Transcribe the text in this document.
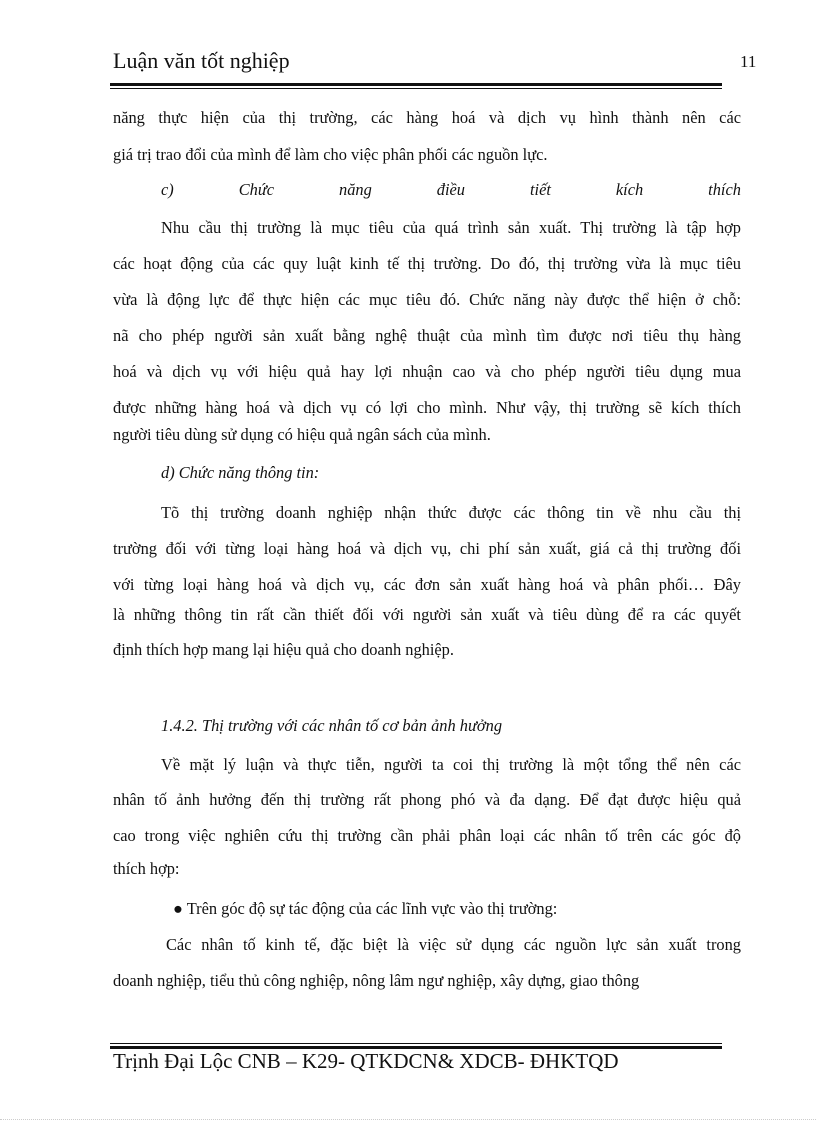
Luận văn tốt nghiệp	11
năng thực hiện của thị trường, các hàng hoá và dịch vụ hình thành nên các
giá trị trao đổi của mình để làm cho việc phân phối các nguồn lực.
c)	Chức	năng	điều	tiết	kích	thích
Nhu cầu thị trường là mục tiêu của quá trình sản xuất. Thị trường là tập hợp
các hoạt động của các quy luật kinh tế thị trường. Do đó, thị trường vừa là mục tiêu
vừa là động lực để thực hiện các mục tiêu đó. Chức năng này được thể hiện ở chỗ:
nã cho phép người sản xuất bằng nghệ thuật của mình tìm được nơi tiêu thụ hàng
hoá và dịch vụ với hiệu quả hay lợi nhuận cao và cho phép người tiêu dụng mua
được những hàng hoá và dịch vụ có lợi cho mình. Như vậy, thị trường sẽ kích thích
người tiêu dùng sử dụng có hiệu quả ngân sách của mình.
d) Chức năng thông tin:
Tõ thị trường doanh nghiệp nhận thức được các thông tin về nhu cầu thị
trường đối với từng loại hàng hoá và dịch vụ, chi phí sản xuất, giá cả thị trường đối
với từng loại hàng hoá và dịch vụ, các đơn sản xuất hàng hoá và phân phối… Đây
là những thông tin rất cần thiết đối với người sản xuất và tiêu dùng để ra các quyết
định thích hợp mang lại hiệu quả cho doanh nghiệp.
1.4.2. Thị trường với các nhân tố cơ bản ảnh hưởng
Về mặt lý luận và thực tiễn, người ta coi thị trường là một tổng thể nên các
nhân tố ảnh hưởng đến thị trường rất phong phó và đa dạng. Để đạt được hiệu quả
cao trong việc nghiên cứu thị trường cần phải phân loại các nhân tố trên các góc độ
thích hợp:
● Trên góc độ sự tác động của các lĩnh vực vào thị trường:
Các nhân tố kinh tế, đặc biệt là việc sử dụng các nguồn lực sản xuất trong
doanh nghiệp, tiểu thủ công nghiệp, nông lâm ngư nghiệp, xây dựng, giao thông
Trịnh Đại Lộc CNB – K29- QTKDCN& XDCB- ĐHKTQD
